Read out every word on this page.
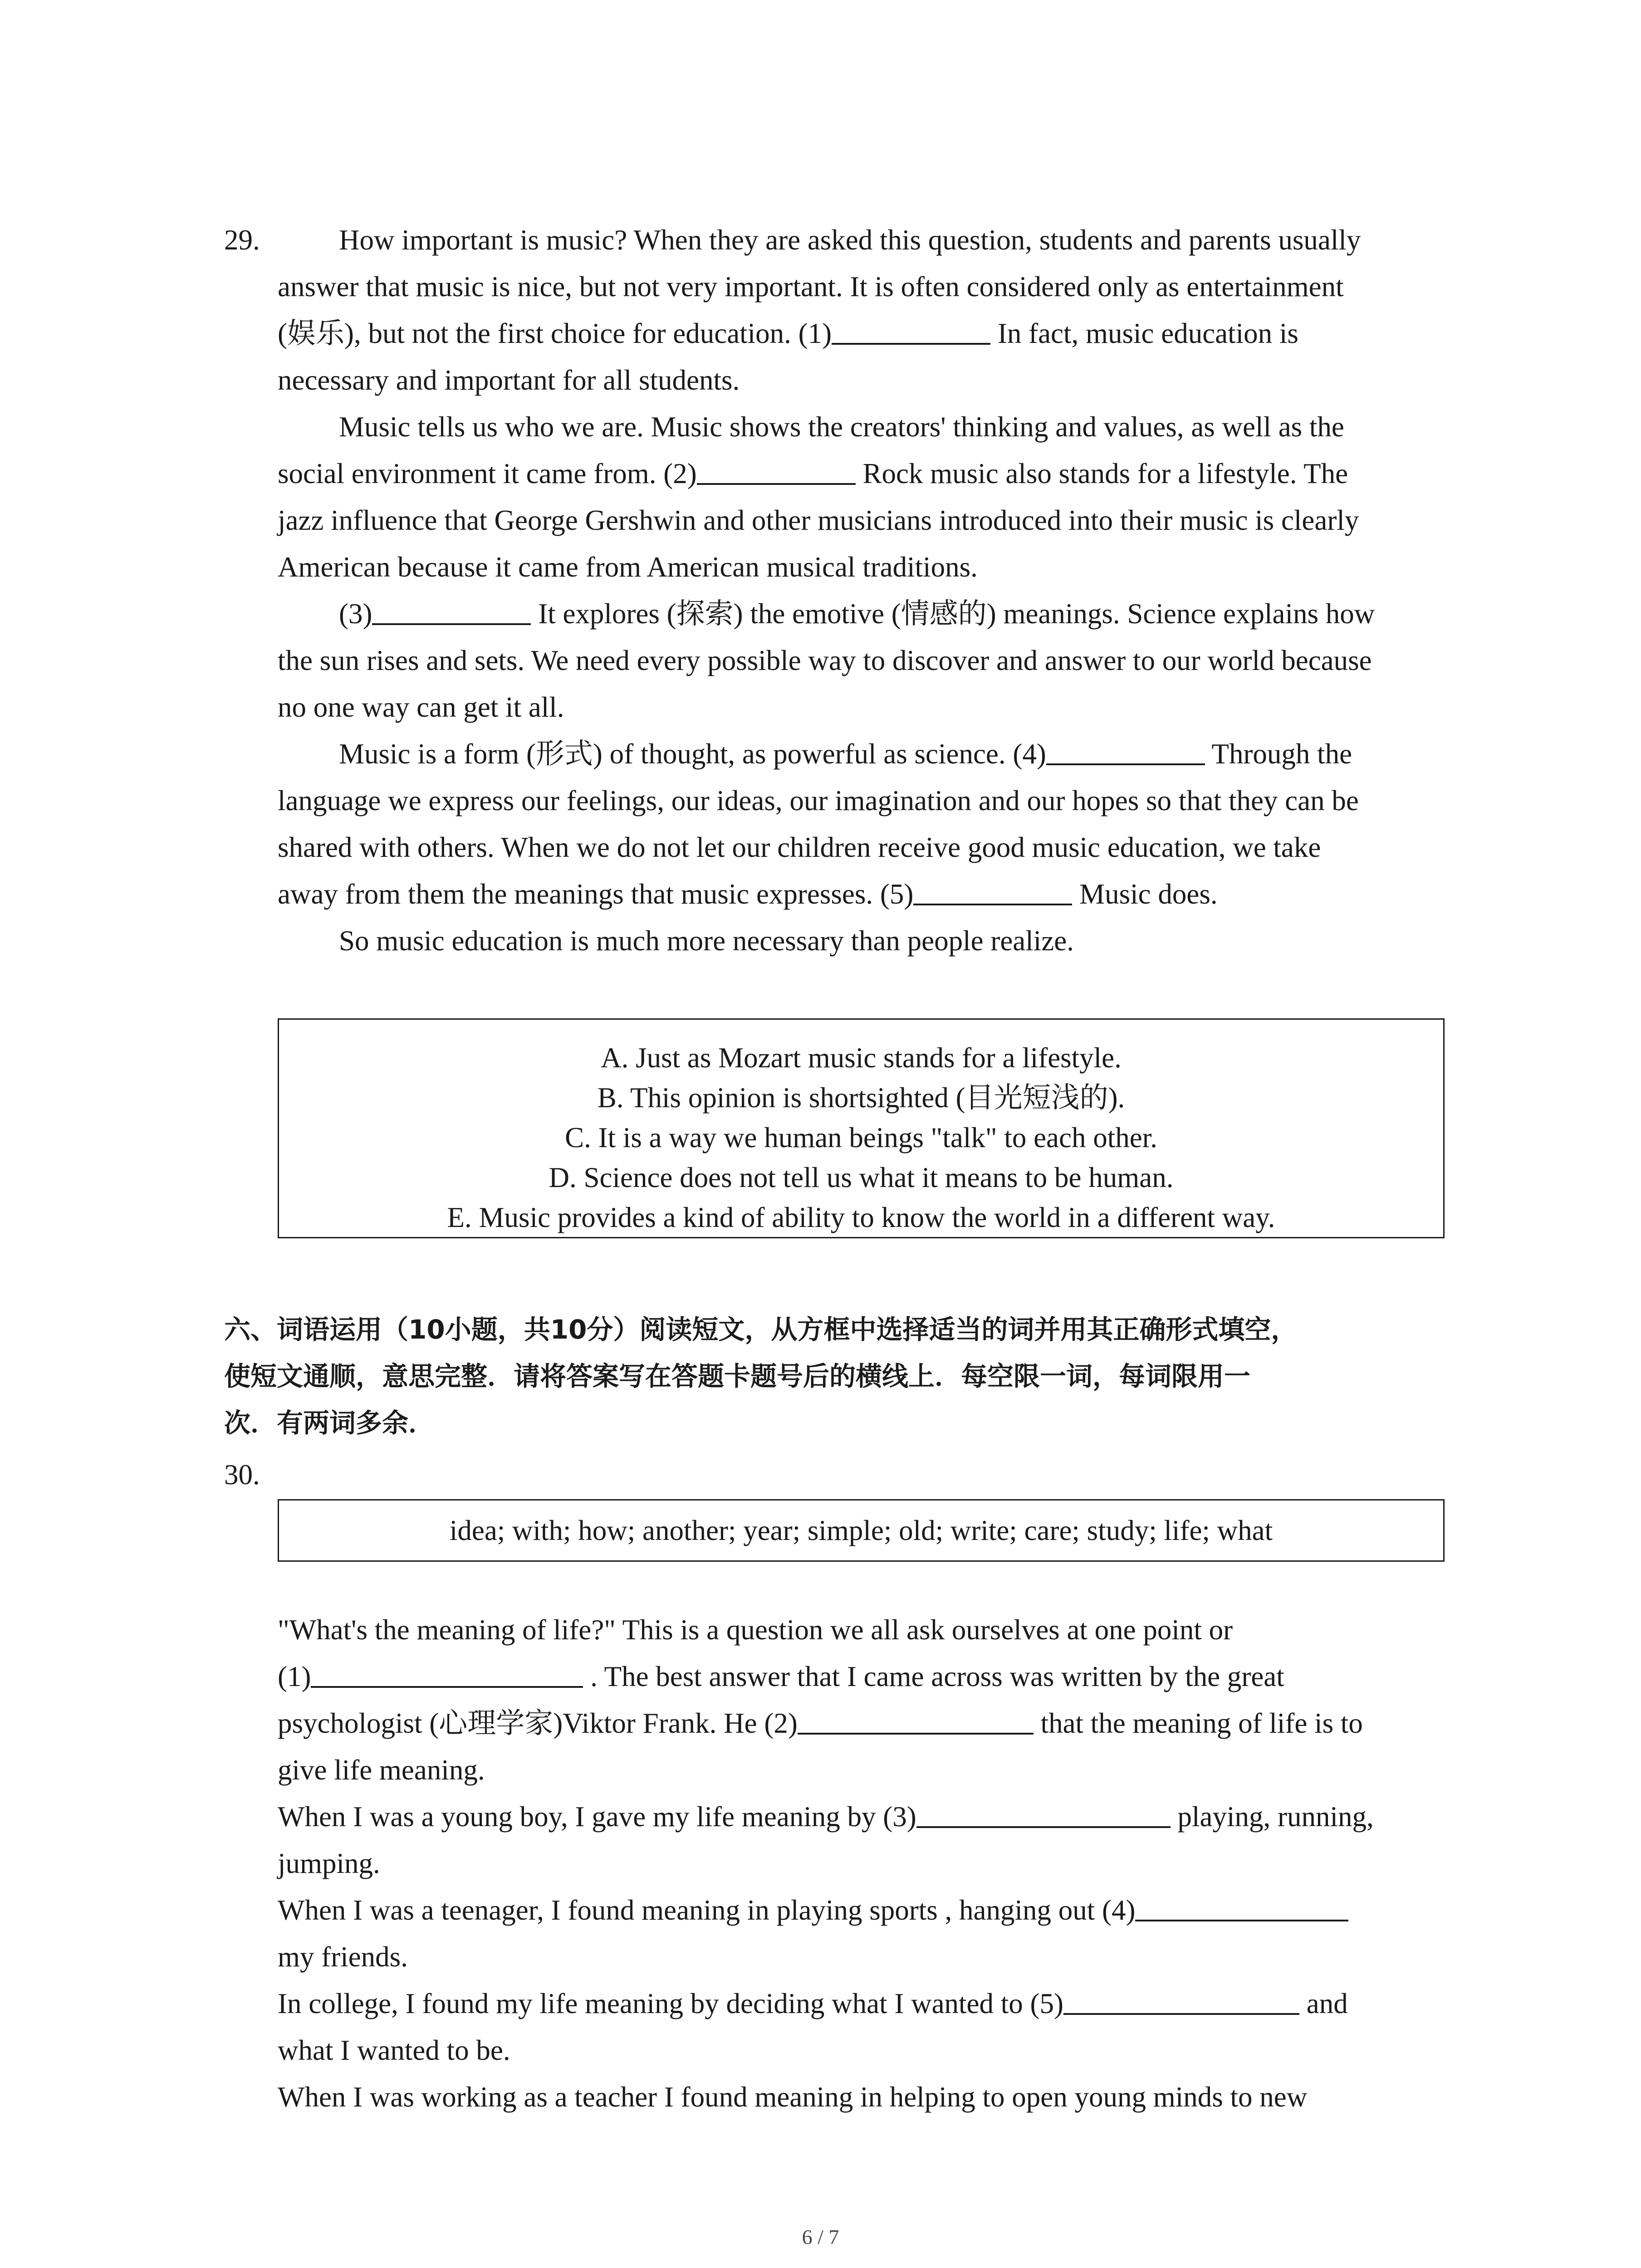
29.	How important is music? When they are asked this question, students and parents usually
answer that music is nice, but not very important. It is often considered only as entertainment
(娱乐), but not the first choice for education. (1)	In fact, music education is
necessary and important for all students.
Music tells us who we are. Music shows the creators' thinking and values, as well as the
social environment it came from. (2)	Rock music also stands for a lifestyle. The
jazz influence that George Gershwin and other musicians introduced into their music is clearly
American because it came from American musical traditions.
(3)	It explores (探索) the emotive (情感的) meanings. Science explains how
the sun rises and sets. We need every possible way to discover and answer to our world because
no one way can get it all.
Music is a form (形式) of thought, as powerful as science. (4)	Through the
language we express our feelings, our ideas, our imagination and our hopes so that they can be
shared with others. When we do not let our children receive good music education, we take
away from them the meanings that music expresses. (5)	Music does.
So music education is much more necessary than people realize.
A. Just as Mozart music stands for a lifestyle.
B. This opinion is shortsighted (目光短浅的).
C. It is a way we human beings "talk" to each other.
D. Science does not tell us what it means to be human.
E. Music provides a kind of ability to know the world in a different way.
六、词语运用（10小题，共10分）阅读短文，从方框中选择适当的词并用其正确形式填空，
使短文通顺，意思完整．请将答案写在答题卡题号后的横线上．每空限一词，每词限用一
次．有两词多余．
30.
idea; with; how; another; year; simple; old; write; care; study; life; what
"What's the meaning of life?" This is a question we all ask ourselves at one point or
(1)	. The best answer that I came across was written by the great
psychologist (心理学家)Viktor Frank. He (2)	that the meaning of life is to
give life meaning.
When I was a young boy, I gave my life meaning by (3)	playing, running,
jumping.
When I was a teenager, I found meaning in playing sports , hanging out (4)
my friends.
In college, I found my life meaning by deciding what I wanted to (5)	and
what I wanted to be.
When I was working as a teacher I found meaning in helping to open young minds to new
6 / 7
